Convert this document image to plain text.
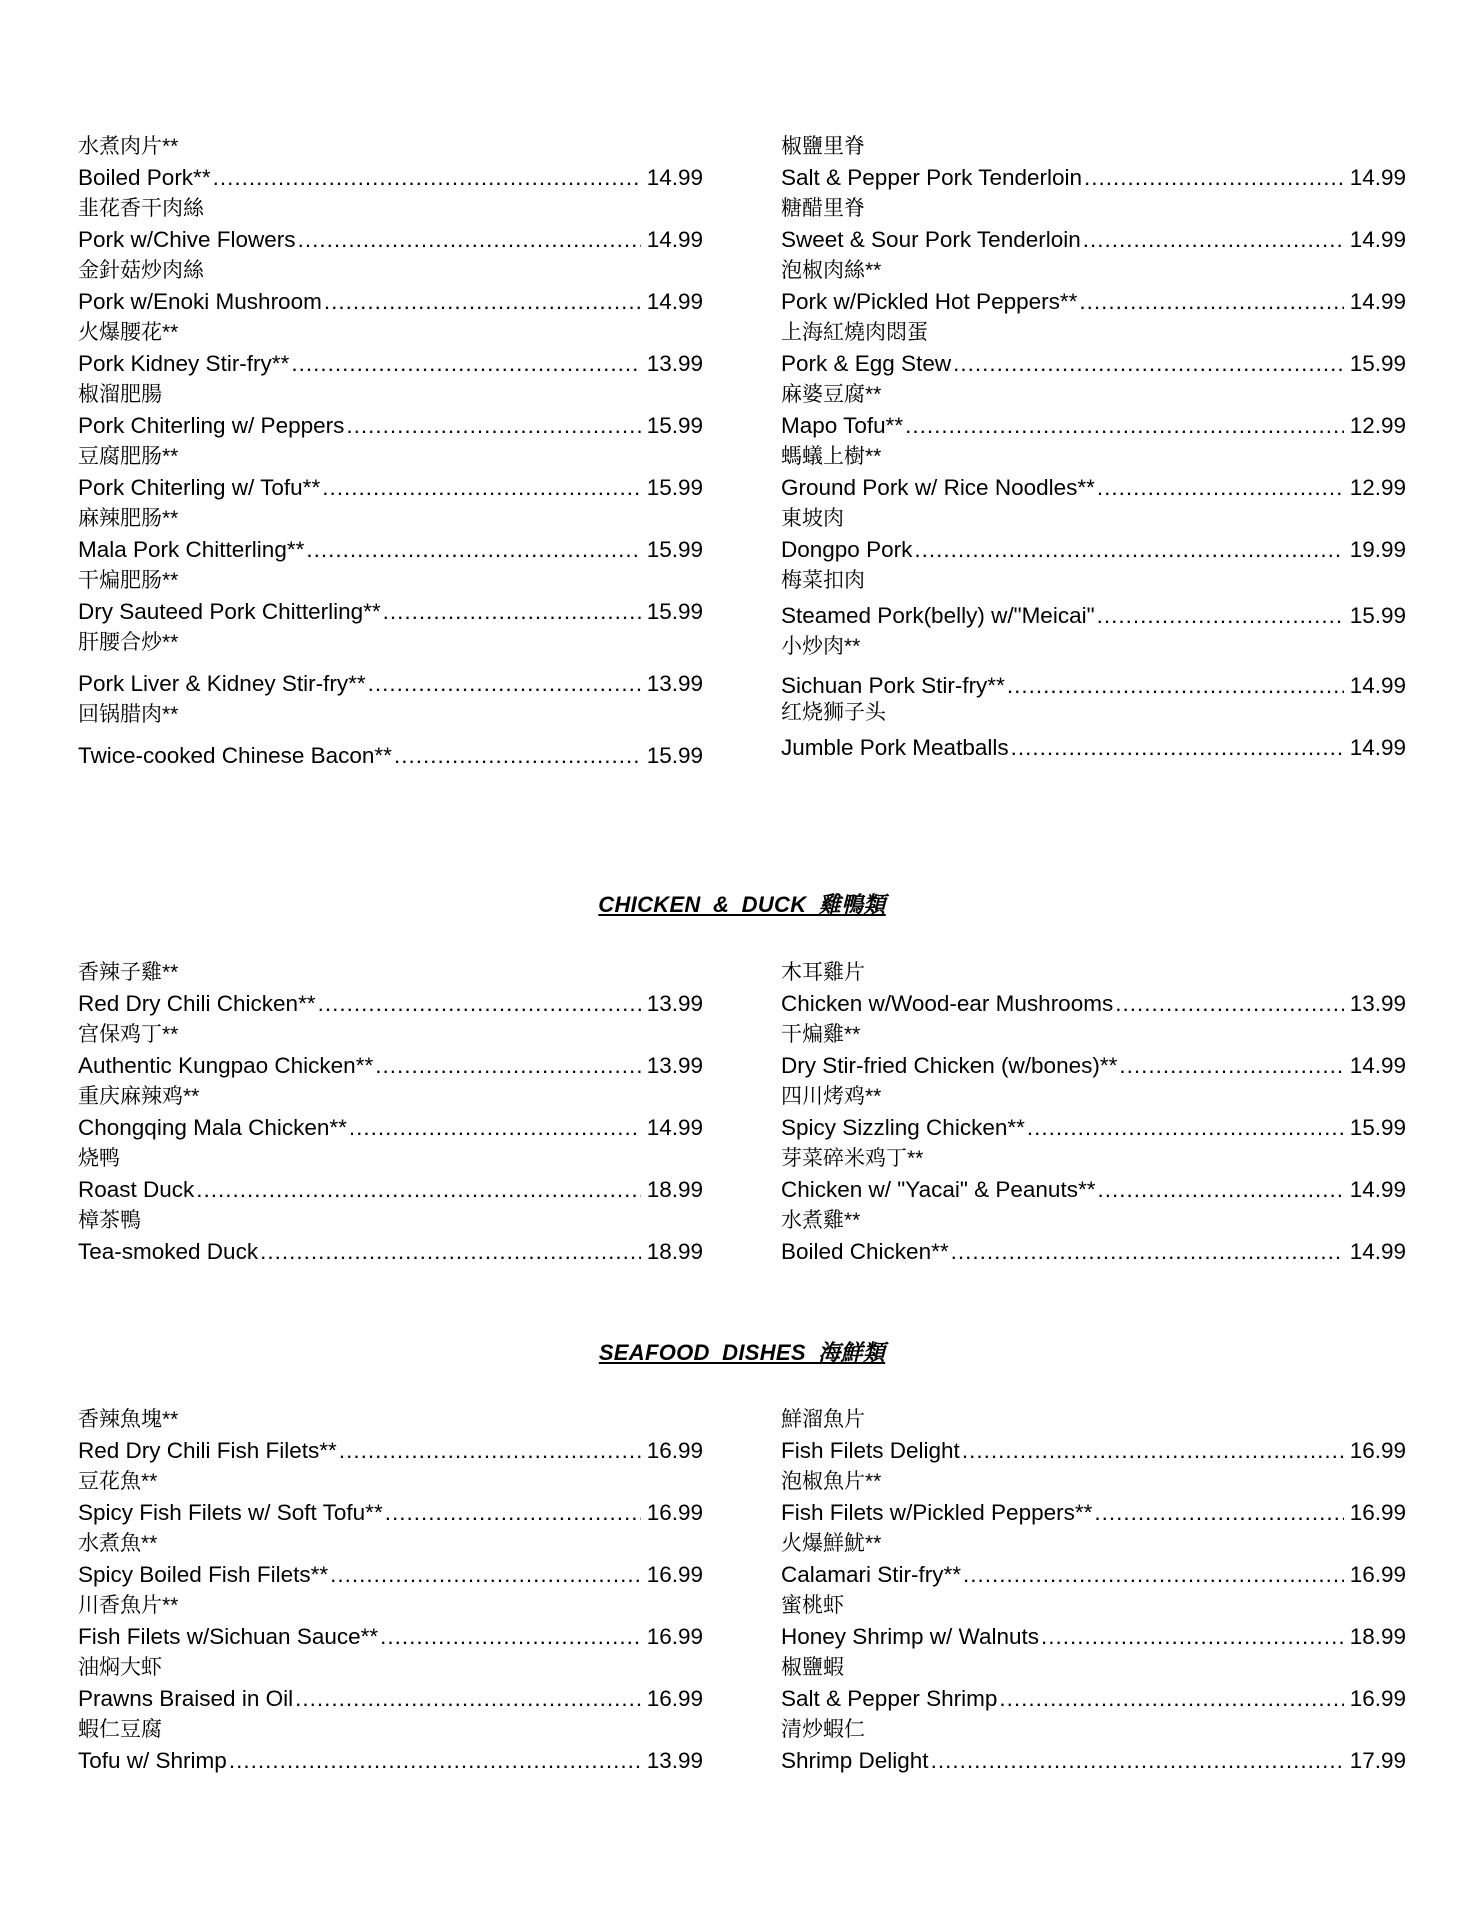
水煮肉片**
Boiled Pork** .....	14.99
韭花香干肉絲
Pork w/Chive Flowers .....	14.99
金針菇炒肉絲
Pork w/Enoki Mushroom .....	14.99
火爆腰花**
Pork Kidney Stir-fry** .....	13.99
椒溜肥腸
Pork Chiterling w/ Peppers .....	15.99
豆腐肥肠**
Pork Chiterling w/ Tofu** .....	15.99
麻辣肥肠**
Mala Pork Chitterling** .....	15.99
干煸肥肠**
Dry Sauteed Pork Chitterling** .....	15.99
肝腰合炒**
Pork Liver & Kidney Stir-fry** .....	13.99
回锅腊肉**
Twice-cooked Chinese Bacon** .....	15.99
椒鹽里脊
Salt & Pepper Pork Tenderloin .....	14.99
糖醋里脊
Sweet & Sour Pork Tenderloin .....	14.99
泡椒肉絲**
Pork w/Pickled Hot Peppers** .....	14.99
上海紅燒肉悶蛋
Pork & Egg Stew .....	15.99
麻婆豆腐**
Mapo Tofu** .....	12.99
螞蟻上樹**
Ground Pork w/ Rice Noodles** .....	12.99
東坡肉
Dongpo Pork .....	19.99
梅菜扣肉
Steamed Pork(belly) w/"Meicai" .....	15.99
小炒肉**
Sichuan Pork Stir-fry** .....	14.99
红烧狮子头
Jumble Pork Meatballs .....	14.99
CHICKEN & DUCK 雞鴨類
香辣子雞**
Red Dry Chili Chicken** .....	13.99
宫保鸡丁**
Authentic Kungpao Chicken** .....	13.99
重庆麻辣鸡**
Chongqing Mala Chicken** .....	14.99
烧鸭
Roast Duck .....	18.99
樟茶鴨
Tea-smoked Duck .....	18.99
木耳雞片
Chicken w/Wood-ear Mushrooms .....	13.99
干煸雞**
Dry Stir-fried Chicken (w/bones)** .....	14.99
四川烤鸡**
Spicy Sizzling Chicken** .....	15.99
芽菜碎米鸡丁**
Chicken w/ "Yacai" & Peanuts** .....	14.99
水煮雞**
Boiled Chicken** .....	14.99
SEAFOOD DISHES 海鮮類
香辣魚塊**
Red Dry Chili Fish Filets** .....	16.99
豆花魚**
Spicy Fish Filets w/ Soft Tofu** .....	16.99
水煮魚**
Spicy Boiled Fish Filets** .....	16.99
川香魚片**
Fish Filets w/Sichuan Sauce** .....	16.99
油焖大虾
Prawns Braised in Oil .....	16.99
蝦仁豆腐
Tofu w/ Shrimp .....	13.99
鮮溜魚片
Fish Filets Delight .....	16.99
泡椒魚片**
Fish Filets w/Pickled Peppers** .....	16.99
火爆鮮魷**
Calamari Stir-fry** .....	16.99
蜜桃虾
Honey Shrimp w/ Walnuts .....	18.99
椒鹽蝦
Salt & Pepper Shrimp .....	16.99
清炒蝦仁
Shrimp Delight .....	17.99
